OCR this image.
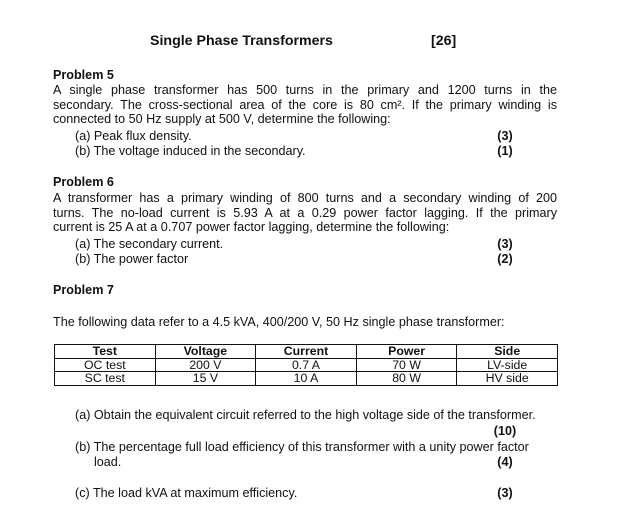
Single Phase Transformers	[26]
Problem 5
A single phase transformer has 500 turns in the primary and 1200 turns in the
secondary. The cross-sectional area of the core is 80 cm². If the primary winding is
connected to 50 Hz supply at 500 V, determine the following:
(a) Peak flux density.	(3)
(b) The voltage induced in the secondary.	(1)
Problem 6
A transformer has a primary winding of 800 turns and a secondary winding of 200
turns. The no-load current is 5.93 A at a 0.29 power factor lagging. If the primary
current is 25 A at a 0.707 power factor lagging, determine the following:
(a) The secondary current.	(3)
(b) The power factor	(2)
Problem 7
The following data refer to a 4.5 kVA, 400/200 V, 50 Hz single phase transformer:
Test	Voltage	Current	Power	Side
OC test	200 V	0.7 A	70 W	LV-side
SC test	15 V	10 A	80 W	HV side
(a) Obtain the equivalent circuit referred to the high voltage side of the transformer.
(10)
(b) The percentage full load efficiency of this transformer with a unity power factor
load.	(4)
(c) The load kVA at maximum efficiency.	(3)
